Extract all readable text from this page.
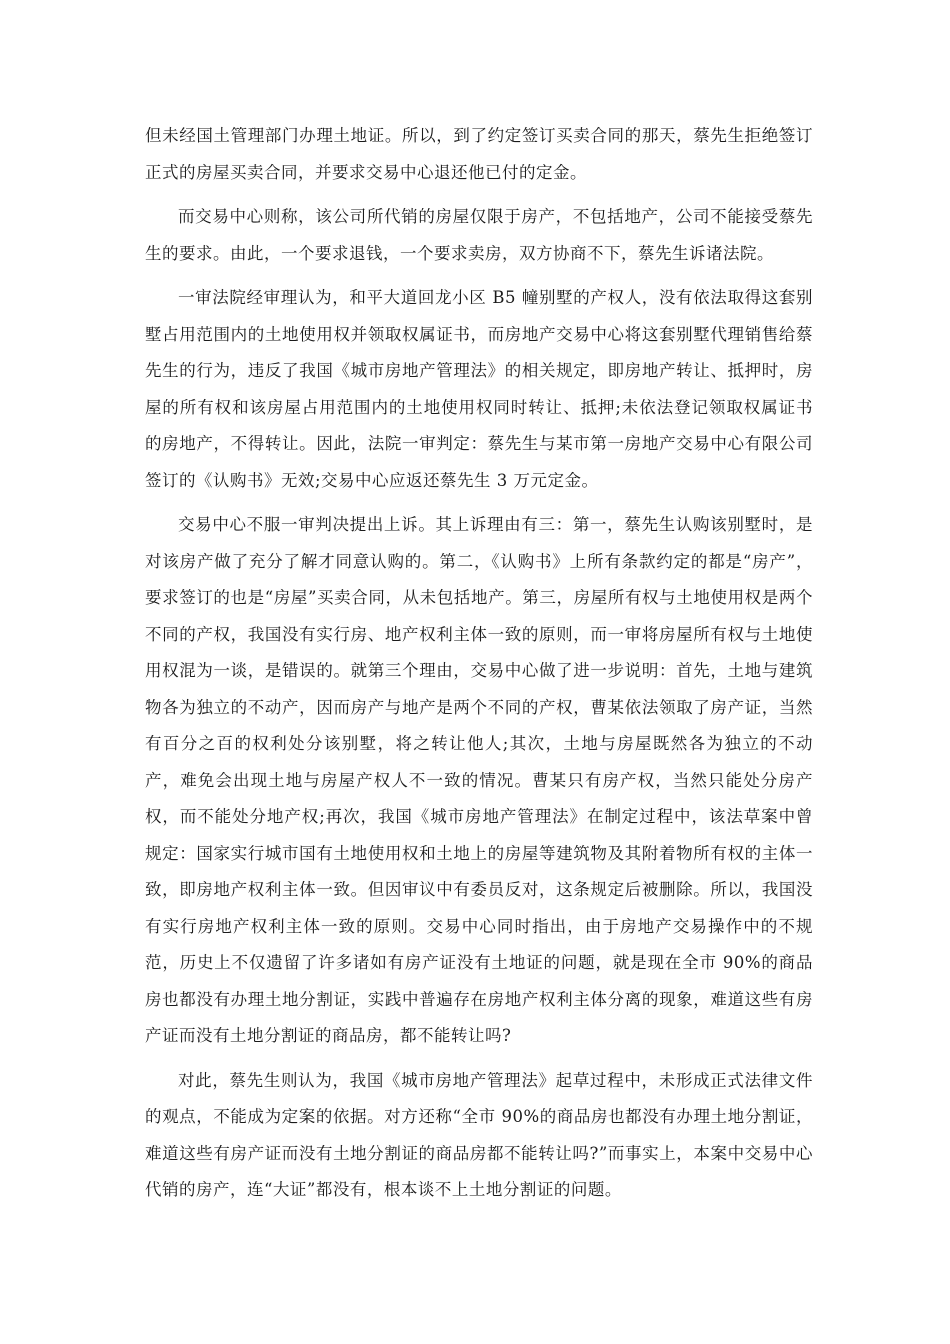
但未经国土管理部门办理土地证。所以，到了约定签订买卖合同的那天，蔡先生拒绝签订正式的房屋买卖合同，并要求交易中心退还他已付的定金。

而交易中心则称，该公司所代销的房屋仅限于房产，不包括地产，公司不能接受蔡先生的要求。由此，一个要求退钱，一个要求卖房，双方协商不下，蔡先生诉诸法院。

一审法院经审理认为，和平大道回龙小区 B5 幢别墅的产权人，没有依法取得这套别墅占用范围内的土地使用权并领取权属证书，而房地产交易中心将这套别墅代理销售给蔡先生的行为，违反了我国《城市房地产管理法》的相关规定，即房地产转让、抵押时，房屋的所有权和该房屋占用范围内的土地使用权同时转让、抵押;未依法登记领取权属证书的房地产，不得转让。因此，法院一审判定：蔡先生与某市第一房地产交易中心有限公司签订的《认购书》无效;交易中心应返还蔡先生 3 万元定金。

交易中心不服一审判决提出上诉。其上诉理由有三：第一，蔡先生认购该别墅时，是对该房产做了充分了解才同意认购的。第二，《认购书》上所有条款约定的都是“房产”，要求签订的也是“房屋”买卖合同，从未包括地产。第三，房屋所有权与土地使用权是两个不同的产权，我国没有实行房、地产权利主体一致的原则，而一审将房屋所有权与土地使用权混为一谈，是错误的。就第三个理由，交易中心做了进一步说明：首先，土地与建筑物各为独立的不动产，因而房产与地产是两个不同的产权，曹某依法领取了房产证，当然有百分之百的权利处分该别墅，将之转让他人;其次，土地与房屋既然各为独立的不动产，难免会出现土地与房屋产权人不一致的情况。曹某只有房产权，当然只能处分房产权，而不能处分地产权;再次，我国《城市房地产管理法》在制定过程中，该法草案中曾规定：国家实行城市国有土地使用权和土地上的房屋等建筑物及其附着物所有权的主体一致，即房地产权利主体一致。但因审议中有委员反对，这条规定后被删除。所以，我国没有实行房地产权利主体一致的原则。交易中心同时指出，由于房地产交易操作中的不规范，历史上不仅遗留了许多诸如有房产证没有土地证的问题，就是现在全市 90%的商品房也都没有办理土地分割证，实践中普遍存在房地产权利主体分离的现象，难道这些有房产证而没有土地分割证的商品房，都不能转让吗?

对此，蔡先生则认为，我国《城市房地产管理法》起草过程中，未形成正式法律文件的观点，不能成为定案的依据。对方还称“全市 90%的商品房也都没有办理土地分割证，难道这些有房产证而没有土地分割证的商品房都不能转让吗?”而事实上，本案中交易中心代销的房产，连“大证”都没有，根本谈不上土地分割证的问题。
